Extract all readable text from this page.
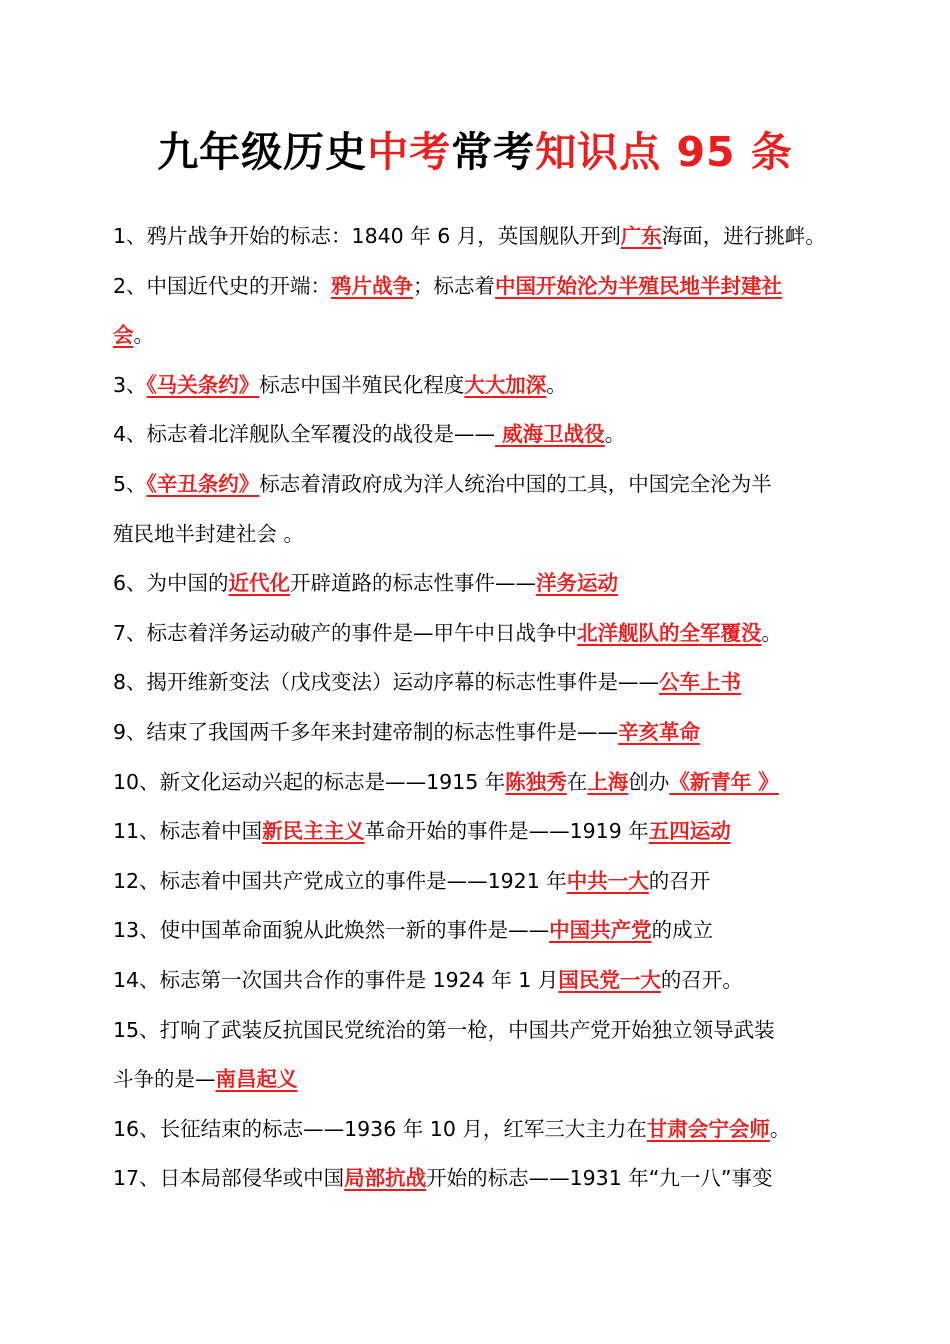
九年级历史中考常考知识点 95 条
1、鸦片战争开始的标志：1840 年 6 月，英国舰队开到广东海面，进行挑衅。
2、中国近代史的开端：鸦片战争；标志着中国开始沦为半殖民地半封建社
会。
3、《马关条约》标志中国半殖民化程度大大加深。
4、标志着北洋舰队全军覆没的战役是—— 威海卫战役。
5、《辛丑条约》标志着清政府成为洋人统治中国的工具，中国完全沦为半
殖民地半封建社会 。
6、为中国的近代化开辟道路的标志性事件——洋务运动
7、标志着洋务运动破产的事件是—甲午中日战争中北洋舰队的全军覆没。
8、揭开维新变法（戊戌变法）运动序幕的标志性事件是——公车上书
9、结束了我国两千多年来封建帝制的标志性事件是——辛亥革命
10、新文化运动兴起的标志是——1915 年陈独秀在上海创办《新青年 》
11、标志着中国新民主主义革命开始的事件是——1919 年五四运动
12、标志着中国共产党成立的事件是——1921 年中共一大的召开
13、使中国革命面貌从此焕然一新的事件是——中国共产党的成立
14、标志第一次国共合作的事件是 1924 年 1 月国民党一大的召开。
15、打响了武装反抗国民党统治的第一枪，中国共产党开始独立领导武装
斗争的是—南昌起义
16、长征结束的标志——1936 年 10 月，红军三大主力在甘肃会宁会师。
17、日本局部侵华或中国局部抗战开始的标志——1931 年“九一八”事变
